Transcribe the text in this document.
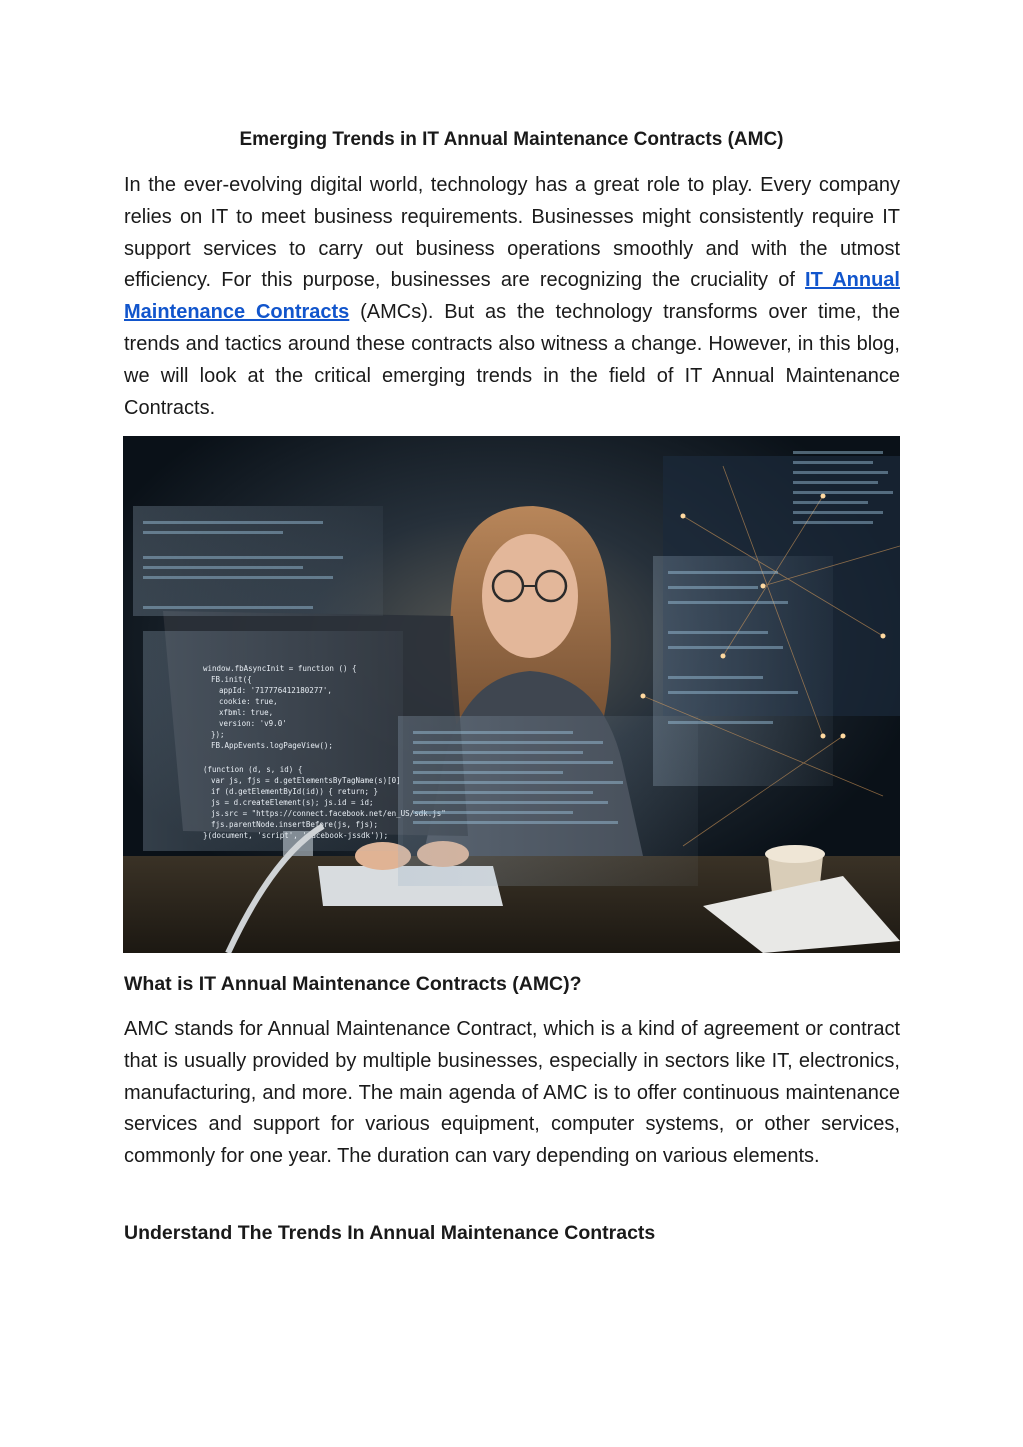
Emerging Trends in IT Annual Maintenance Contracts (AMC)

In the ever-evolving digital world, technology has a great role to play. Every company relies on IT to meet business requirements. Businesses might consistently require IT support services to carry out business operations smoothly and with the utmost efficiency. For this purpose, businesses are recognizing the cruciality of IT Annual Maintenance Contracts (AMCs). But as the technology transforms over time, the trends and tactics around these contracts also witness a change. However, in this blog, we will look at the critical emerging trends in the field of IT Annual Maintenance Contracts.

window.fbAsyncInit = function () {
FB.init({
appId: '717776412180277',
cookie: true,
xfbml: true,
version: 'v9.0'
});
FB.AppEvents.logPageView();
(function (d, s, id) {
var js, fjs = d.getElementsByTagName(s)[0]
if (d.getElementById(id)) { return; }
js = d.createElement(s); js.id = id;
js.src = "https://connect.facebook.net/en_US/sdk.js"
fjs.parentNode.insertBefore(js, fjs);
}(document, 'script', 'facebook-jssdk'));
What is IT Annual Maintenance Contracts (AMC)?

AMC stands for Annual Maintenance Contract, which is a kind of agreement or contract that is usually provided by multiple businesses, especially in sectors like IT, electronics, manufacturing, and more. The main agenda of AMC is to offer continuous maintenance services and support for various equipment, computer systems, or other services, commonly for one year. The duration can vary depending on various elements.

Understand The Trends In Annual Maintenance Contracts
